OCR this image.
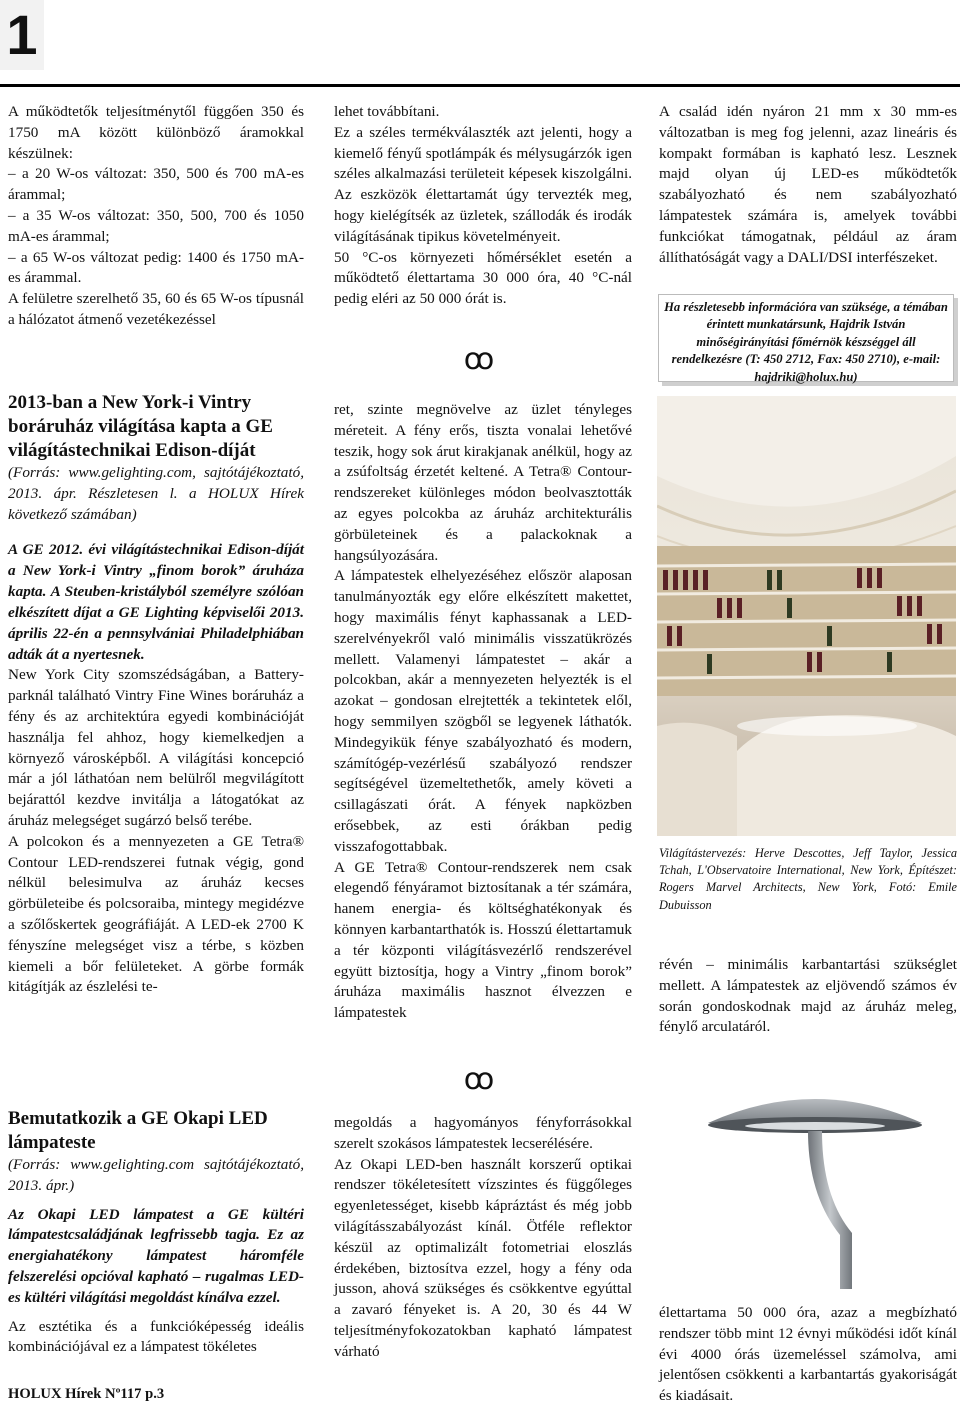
1

A működtetők teljesítménytől függően 350 és 1750 mA között különböző áramokkal készülnek:

– a 20 W-os változat: 350, 500 és 700 mA-es árammal;

– a 35 W-os változat: 350, 500, 700 és 1050 mA-es árammal;

– a 65 W-os változat pedig: 1400 és 1750 mA- es árammal.

A felületre szerelhető 35, 60 és 65 W-os típusnál a hálózatot átmenő vezetékezéssel

lehet továbbítani.

Ez a széles termékválaszték azt jelenti, hogy a kiemelő fényű spotlámpák és mélysugárzók igen széles alkalmazási területeit képesek kiszolgálni. Az eszközök élettartamát úgy tervezték meg, hogy kielégítsék az üzletek, szállodák és irodák világításának tipikus követelményeit.

50 °C-os környezeti hőmérséklet esetén a működtető élettartama 30 000 óra, 40 °C-nál pedig eléri az 50 000 órát is.

ꝏ

A család idén nyáron 21 mm x 30 mm-es változatban is meg fog jelenni, azaz lineáris és kompakt formában is kapható lesz. Lesznek majd olyan új LED-es működtetők szabályozható és nem szabályozható lámpatestek számára is, amelyek további funkciókat támogatnak, például az áram állíthatóságát vagy a DALI/DSI interfészeket.

Ha részletesebb információra van szüksége, a témában érintett munkatársunk, Hajdrik István minőségirányítási főmérnök készséggel áll rendelkezésre (T: 450 2712, Fax: 450 2710), e-mail: hajdriki@holux.hu)
2013-ban a New York-i Vintry boráruház világítása kapta a GE világítástechnikai Edison-díját

(Forrás: www.gelighting.com, sajtótájékoztató, 2013. ápr. Részletesen l. a HOLUX Hírek következő számában)

A GE 2012. évi világítástechnikai Edison-díját a New York-i Vintry „finom borok” áruháza kapta. A Steuben-kristályból személyre szólóan elkészített díjat a GE Lighting képviselői 2013. április 22-én a pennsylvániai Philadelphiában adták át a nyertesnek.

New York City szomszédságában, a Battery-parknál található Vintry Fine Wines boráruház a fény és az architektúra egyedi kombinációját használja fel ahhoz, hogy kiemelkedjen a környező városképből. A világítási koncepció már a jól láthatóan nem belülről megvilágított bejárattól kezdve invitálja a látogatókat az áruház melegséget sugárzó belső terébe.

A polcokon és a mennyezeten a GE Tetra® Contour LED-rendszerei futnak végig, gond nélkül belesimulva az áruház kecses görbületeibe és polcsoraiba, mintegy megidézve a szőlőskertek geográfiáját. A LED-ek 2700 K fényszíne melegséget visz a térbe, s közben kiemeli a bőr felületeket. A görbe formák kitágítják az észlelési te-

ret, szinte megnövelve az üzlet tényleges méreteit. A fény erős, tiszta vonalai lehetővé teszik, hogy sok árut kirakjanak anélkül, hogy az a zsúfoltság érzetét keltené. A Tetra® Contour-rendszereket különleges módon beolvasztották az egyes polcokba az áruház architekturális görbületeinek és a palackoknak a hangsúlyozására.

A lámpatestek elhelyezéséhez először alaposan tanulmányozták egy előre elkészített makettet, hogy maximális fényt kaphassanak a LED-szerelvényekről való minimális visszatükrözés mellett. Valamenyi lámpatestet – akár a polcokban, akár a mennyezeten helyezték is el azokat – gondosan elrejtették a tekintetek elől, hogy semmilyen szögből se legyenek láthatók. Mindegyikük fénye szabályozható és modern, számítógép-vezérlésű szabályozó rendszer segítségével üzemeltethetők, amely követi a csillagászati órát. A fények napközben erősebbek, az esti órákban pedig visszafogottabbak.

A GE Tetra® Contour-rendszerek nem csak elegendő fényáramot biztosítanak a tér számára, hanem energia- és költséghatékonyak és könnyen karbantarthatók is. Hosszú élettartamuk a tér központi világításvezérlő rendszerével együtt biztosítja, hogy a Vintry „finom borok” áruháza maximális hasznot élvezzen e lámpatestek

Világítástervezés: Herve Descottes, Jeff Taylor, Jessica Tchah, L'Observatoire International, New York, Építészet: Rogers Marvel Architects, New York, Fotó: Emile Dubuisson

révén – minimális karbantartási szükséglet mellett. A lámpatestek az eljövendő számos év során gondoskodnak majd az áruház meleg, fénylő arculatáról.

ꝏ
Bemutatkozik a GE Okapi LED lámpateste

(Forrás: www.gelighting.com sajtótájékoztató, 2013. ápr.)

Az Okapi LED lámpatest a GE kültéri lámpatestcsaládjának legfrissebb tagja. Ez az energiahatékony lámpatest háromféle felszerelési opcióval kapható – rugalmas LED-es kültéri világítási megoldást kínálva ezzel.

Az esztétika és a funkcióképesség ideális kombinációjával ez a lámpatest tökéletes

megoldás a hagyományos fényforrásokkal szerelt szokásos lámpatestek lecserélésére.

Az Okapi LED-ben használt korszerű optikai rendszer tökéletesített vízszintes és függőleges egyenletességet, kisebb kápráztást és még jobb világításszabályozást kínál. Ötféle reflektor készül az optimalizált fotometriai eloszlás érdekében, biztosítva ezzel, hogy a fény oda jusson, ahová szükséges és csökkentve egyúttal a zavaró fényeket is. A 20, 30 és 44 W teljesítményfokozatokban kapható lámpatest várható

élettartama 50 000 óra, azaz a megbízható rendszer több mint 12 évnyi működési időt kínál évi 4000 órás üzemeléssel számolva, ami jelentősen csökkenti a karbantartás gyakoriságát és kiadásait.

HOLUX Hírek Nº117 p.3
